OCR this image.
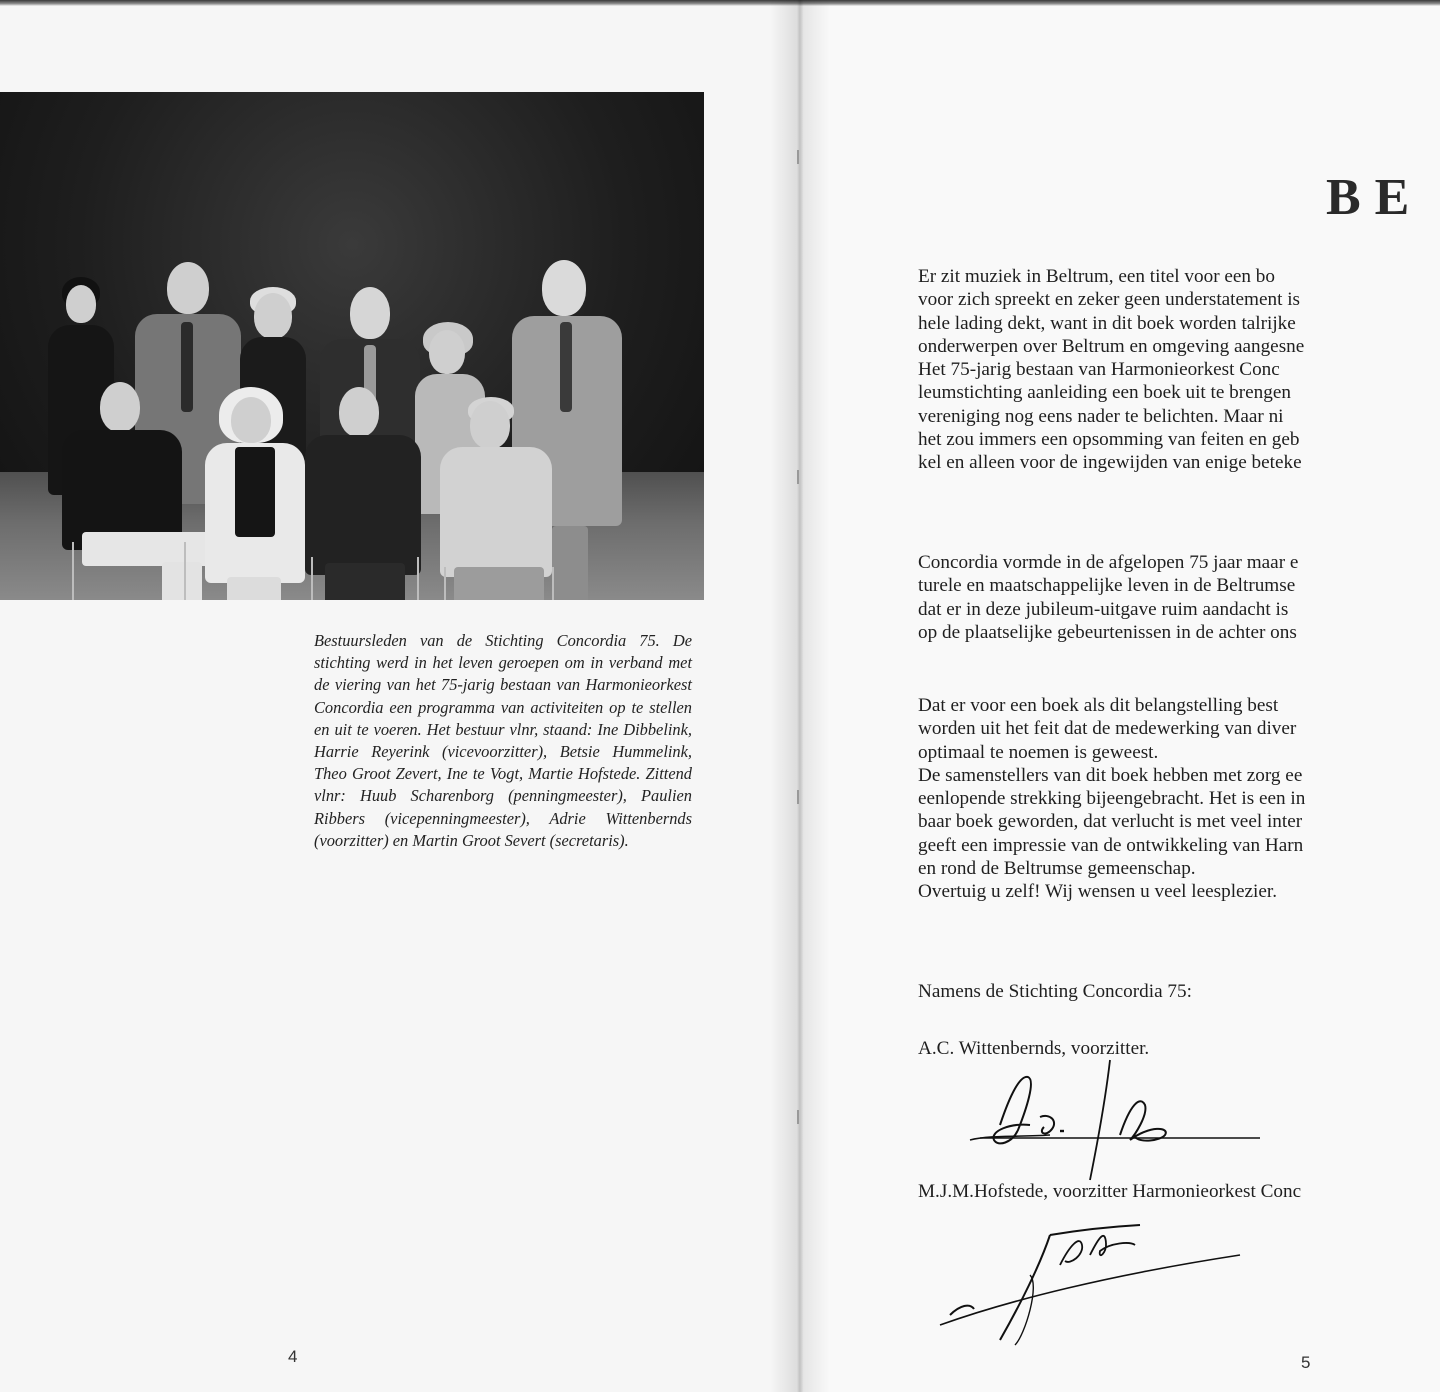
Bestuursleden van de Stichting Concordia 75. De stichting werd in het leven geroepen om in verband met de viering van het 75-jarig bestaan van Harmonieorkest Concordia een programma van activiteiten op te stellen en uit te voeren. Het bestuur vlnr, staand: Ine Dibbelink, Harrie Reyerink (vicevoorzitter), Betsie Hummelink, Theo Groot Zevert, Ine te Vogt, Martie Hofstede. Zittend vlnr: Huub Scharenborg (penningmeester), Paulien Ribbers (vicepenningmeester), Adrie Wittenbernds (voorzitter) en Martin Groot Severt (secretaris).
4
BE
Er zit muziek in Beltrum, een titel voor een bo
voor zich spreekt en zeker geen understatement is
hele lading dekt, want in dit boek worden talrijke
onderwerpen over Beltrum en omgeving aangesne
Het 75-jarig bestaan van Harmonieorkest Conc
leumstichting aanleiding een boek uit te brengen
vereniging nog eens nader te belichten. Maar ni
het zou immers een opsomming van feiten en geb
kel en alleen voor de ingewijden van enige beteke
Concordia vormde in de afgelopen 75 jaar maar e
turele en maatschappelijke leven in de Beltrumse
dat er in deze jubileum-uitgave ruim aandacht is
op de plaatselijke gebeurtenissen in de achter ons
Dat er voor een boek als dit belangstelling best
worden uit het feit dat de medewerking van diver
optimaal te noemen is geweest.
De samenstellers van dit boek hebben met zorg ee
eenlopende strekking bijeengebracht. Het is een in
baar boek geworden, dat verlucht is met veel inter
geeft een impressie van de ontwikkeling van Harn
en rond de Beltrumse gemeenschap.
Overtuig u zelf! Wij wensen u veel leesplezier.
Namens de Stichting Concordia 75:
A.C. Wittenbernds, voorzitter.
M.J.M.Hofstede, voorzitter Harmonieorkest Conc
5
